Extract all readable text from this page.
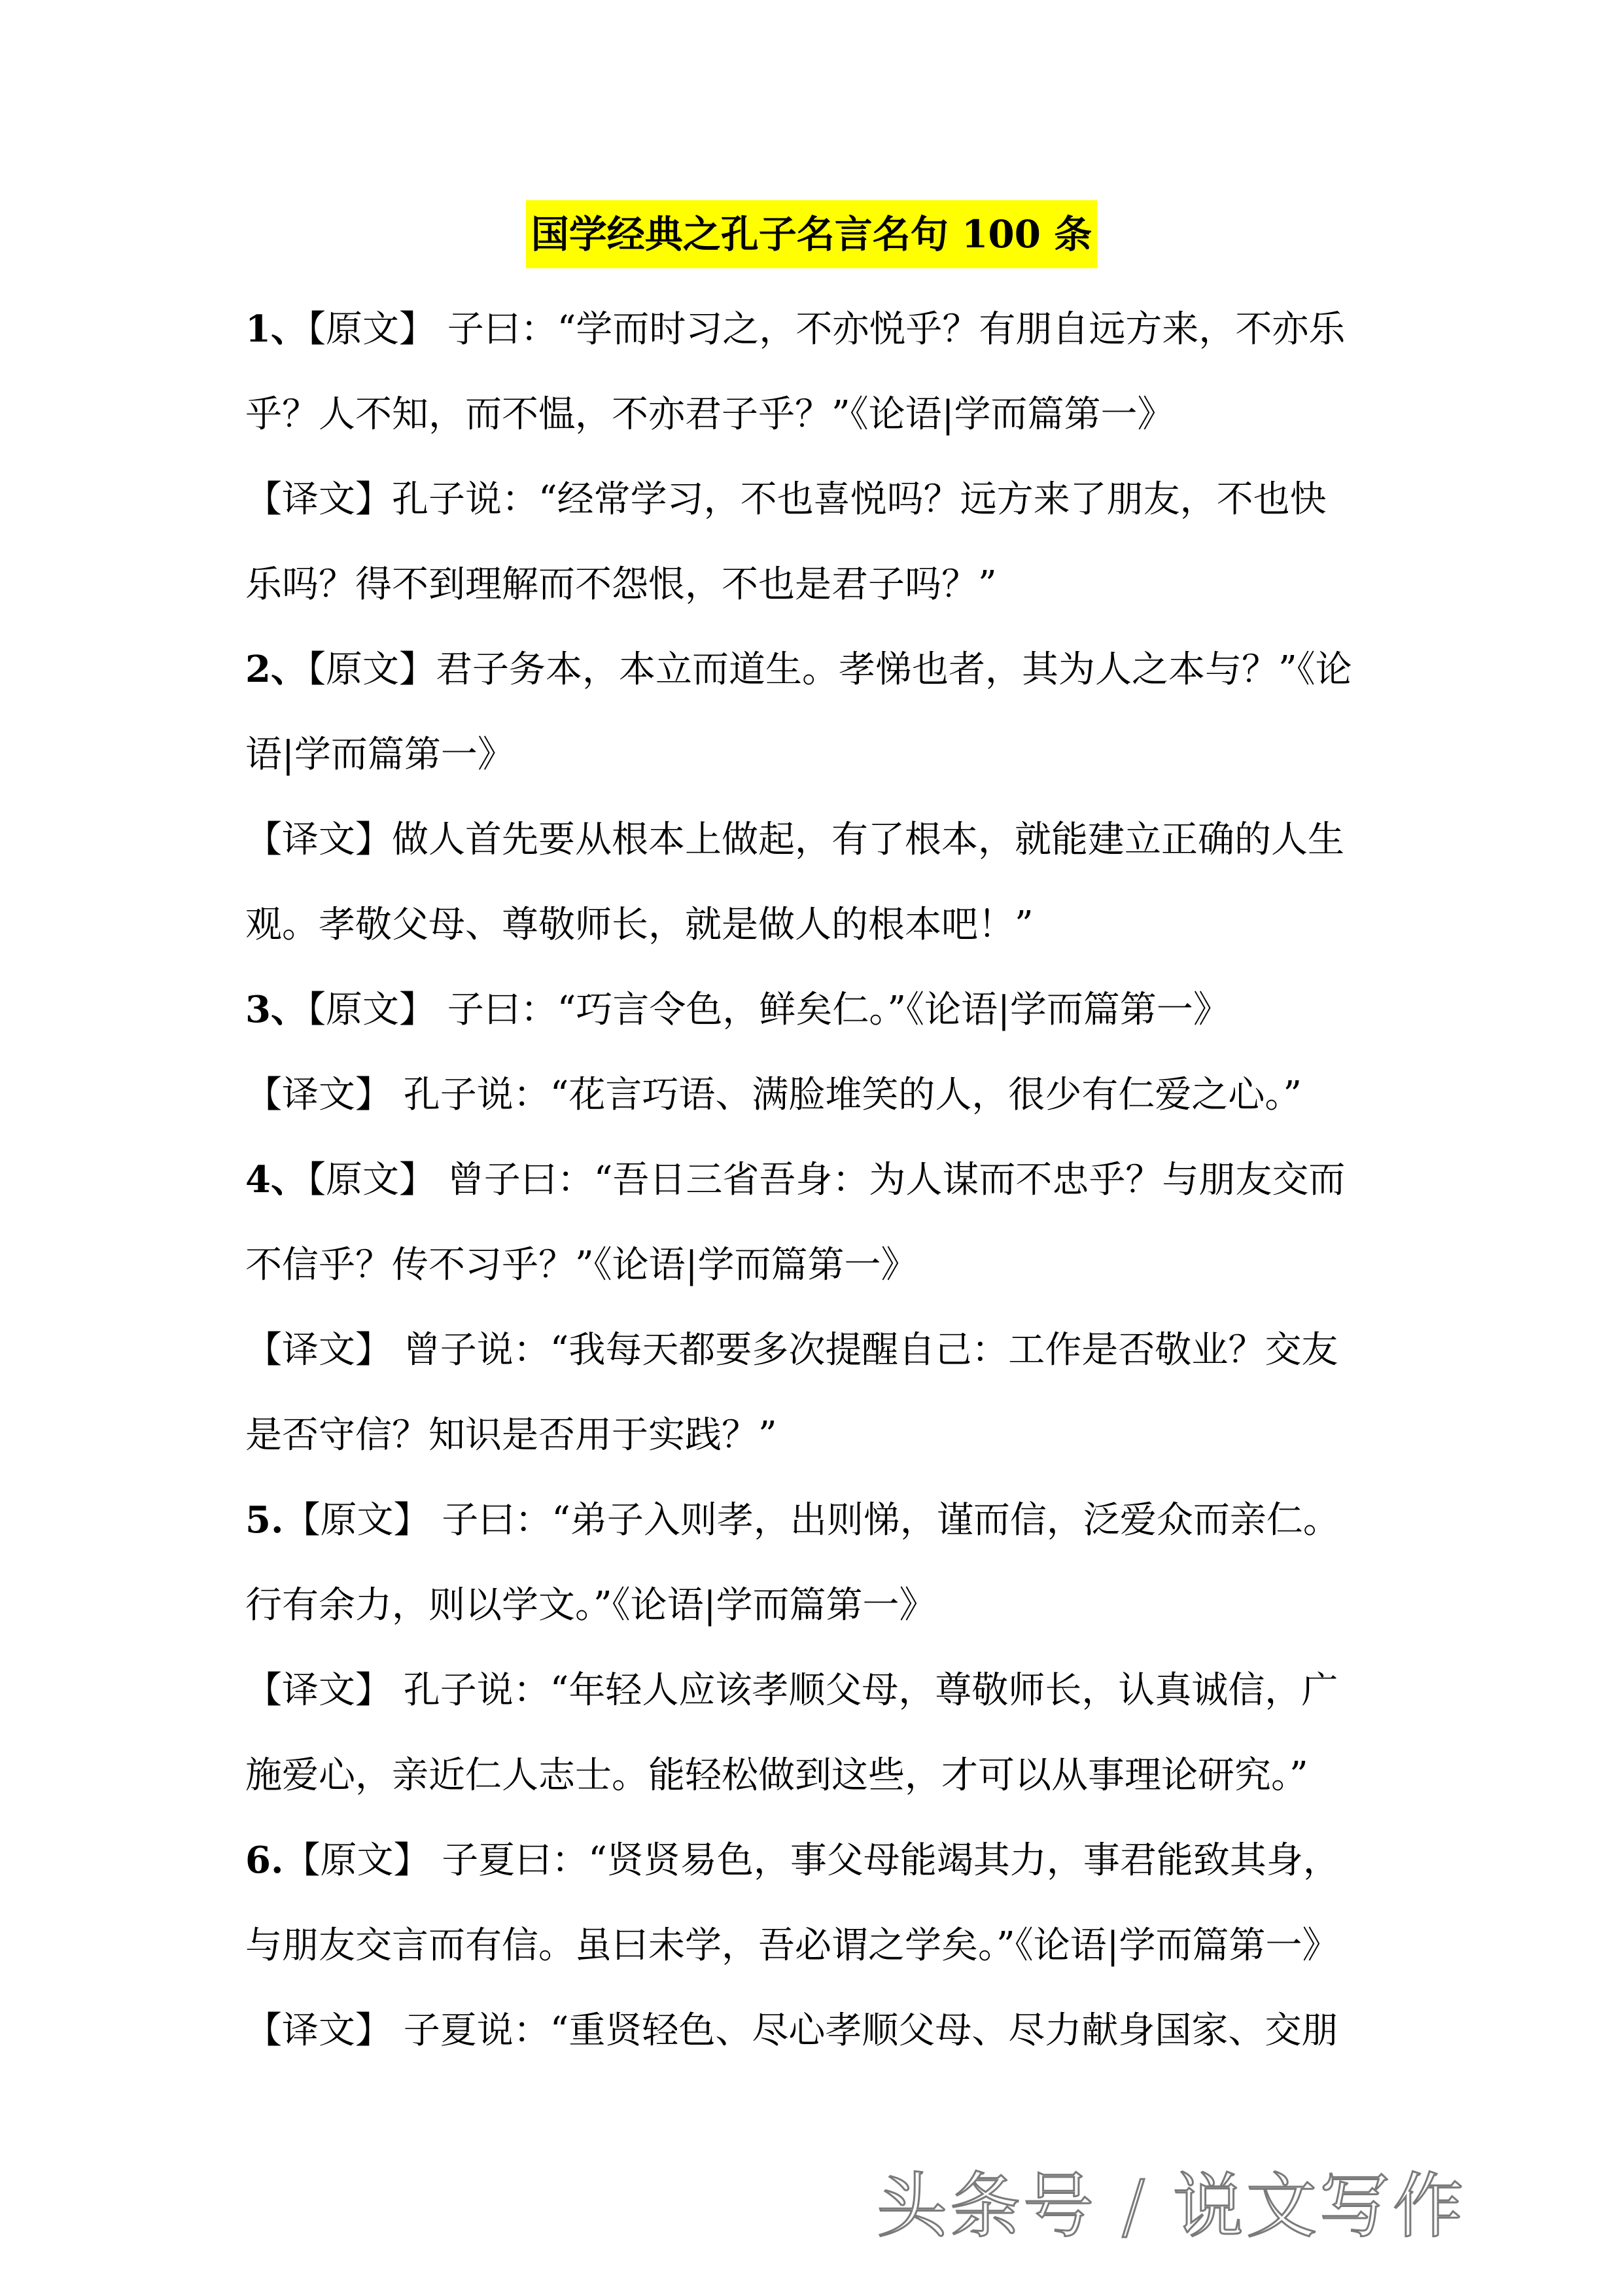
国学经典之孔子名言名句 100 条
1、【原文】 子曰：“学而时习之，不亦悦乎？有朋自远方来，不亦乐
乎？人不知，而不愠，不亦君子乎？”《论语|学而篇第一》
【译文】孔子说：“经常学习，不也喜悦吗？远方来了朋友，不也快
乐吗？得不到理解而不怨恨，不也是君子吗？”
2、【原文】君子务本，本立而道生。孝悌也者，其为人之本与？”《论
语|学而篇第一》
【译文】做人首先要从根本上做起，有了根本，就能建立正确的人生
观。孝敬父母、尊敬师长，就是做人的根本吧！”
3、【原文】 子曰：“巧言令色，鲜矣仁。”《论语|学而篇第一》
【译文】 孔子说：“花言巧语、满脸堆笑的人，很少有仁爱之心。”
4、【原文】 曾子曰：“吾日三省吾身：为人谋而不忠乎？与朋友交而
不信乎？传不习乎？”《论语|学而篇第一》
【译文】 曾子说：“我每天都要多次提醒自己：工作是否敬业？交友
是否守信？知识是否用于实践？”
5.【原文】 子曰：“弟子入则孝，出则悌，谨而信，泛爱众而亲仁。
行有余力，则以学文。”《论语|学而篇第一》
【译文】 孔子说：“年轻人应该孝顺父母，尊敬师长，认真诚信，广
施爱心，亲近仁人志士。能轻松做到这些，才可以从事理论研究。”
6.【原文】 子夏曰：“贤贤易色，事父母能竭其力，事君能致其身，
与朋友交言而有信。虽曰未学，吾必谓之学矣。”《论语|学而篇第一》
【译文】 子夏说：“重贤轻色、尽心孝顺父母、尽力献身国家、交朋
头条号 / 说文写作
